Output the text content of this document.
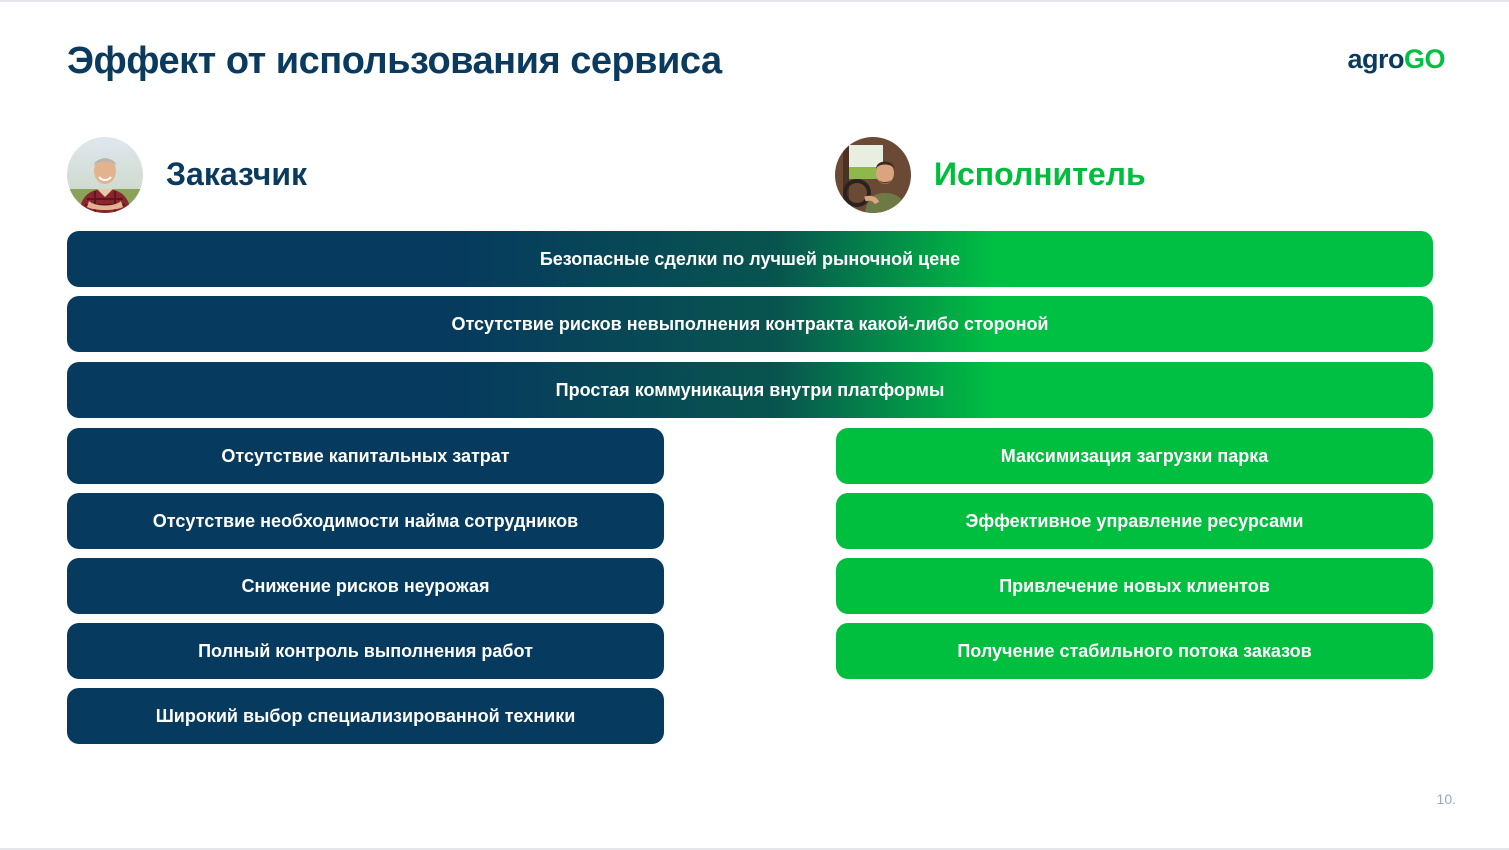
Эффект от использования сервиса	agroGO
Заказчик	Исполнитель
Безопасные сделки по лучшей рыночной цене
Отсутствие рисков невыполнения контракта какой-либо стороной
Простая коммуникация внутри платформы
Отсутствие капитальных затрат
Отсутствие необходимости найма сотрудников
Снижение рисков неурожая
Полный контроль выполнения работ
Широкий выбор специализированной техники
Максимизация загрузки парка
Эффективное управление ресурсами
Привлечение новых клиентов
Получение стабильного потока заказов
10.
